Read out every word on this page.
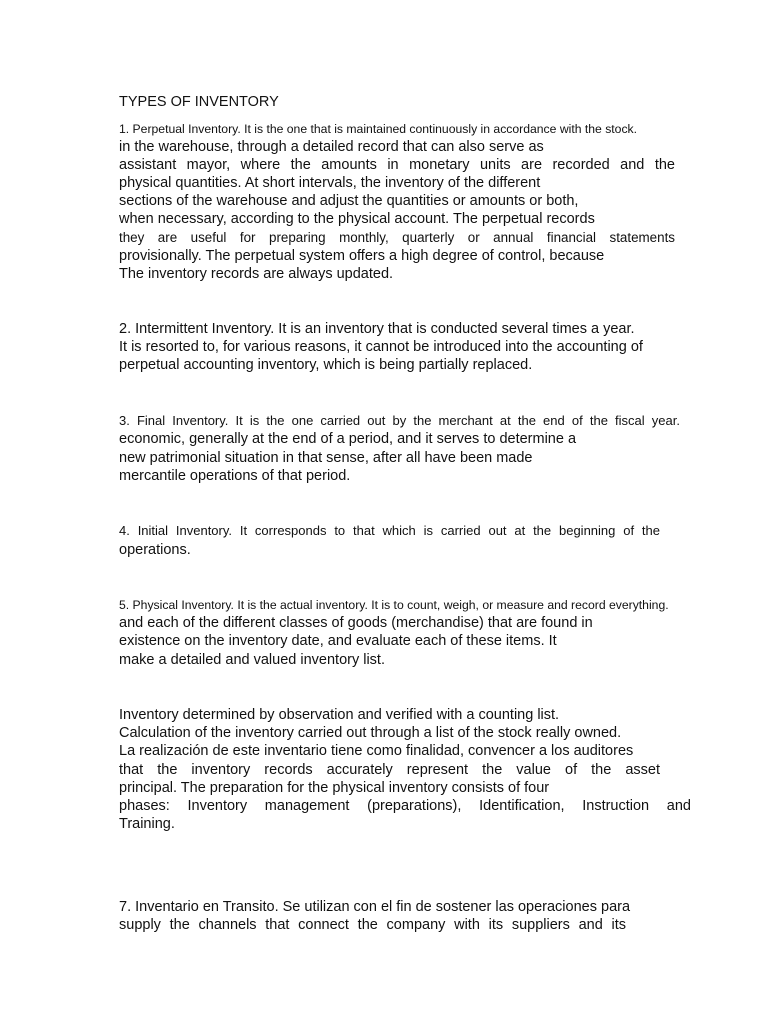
TYPES OF INVENTORY

1. Perpetual Inventory. It is the one that is maintained continuously in accordance with the stock.

in the warehouse, through a detailed record that can also serve as

assistant mayor, where the amounts in monetary units are recorded and the

physical quantities. At short intervals, the inventory of the different

sections of the warehouse and adjust the quantities or amounts or both,

when necessary, according to the physical account. The perpetual records

they are useful for preparing monthly, quarterly or annual financial statements

provisionally. The perpetual system offers a high degree of control, because

The inventory records are always updated.

2. Intermittent Inventory. It is an inventory that is conducted several times a year.

It is resorted to, for various reasons, it cannot be introduced into the accounting of

perpetual accounting inventory, which is being partially replaced.

3. Final Inventory. It is the one carried out by the merchant at the end of the fiscal year.

economic, generally at the end of a period, and it serves to determine a

new patrimonial situation in that sense, after all have been made

mercantile operations of that period.

4. Initial Inventory. It corresponds to that which is carried out at the beginning of the

operations.

5. Physical Inventory. It is the actual inventory. It is to count, weigh, or measure and record everything.

and each of the different classes of goods (merchandise) that are found in

existence on the inventory date, and evaluate each of these items. It

make a detailed and valued inventory list.

Inventory determined by observation and verified with a counting list.

Calculation of the inventory carried out through a list of the stock really owned.

La realización de este inventario tiene como finalidad, convencer a los auditores

that the inventory records accurately represent the value of the asset

principal. The preparation for the physical inventory consists of four

phases: Inventory management (preparations), Identification, Instruction and

Training.

7. Inventario en Transito. Se utilizan con el fin de sostener las operaciones para

supply the channels that connect the company with its suppliers and its
